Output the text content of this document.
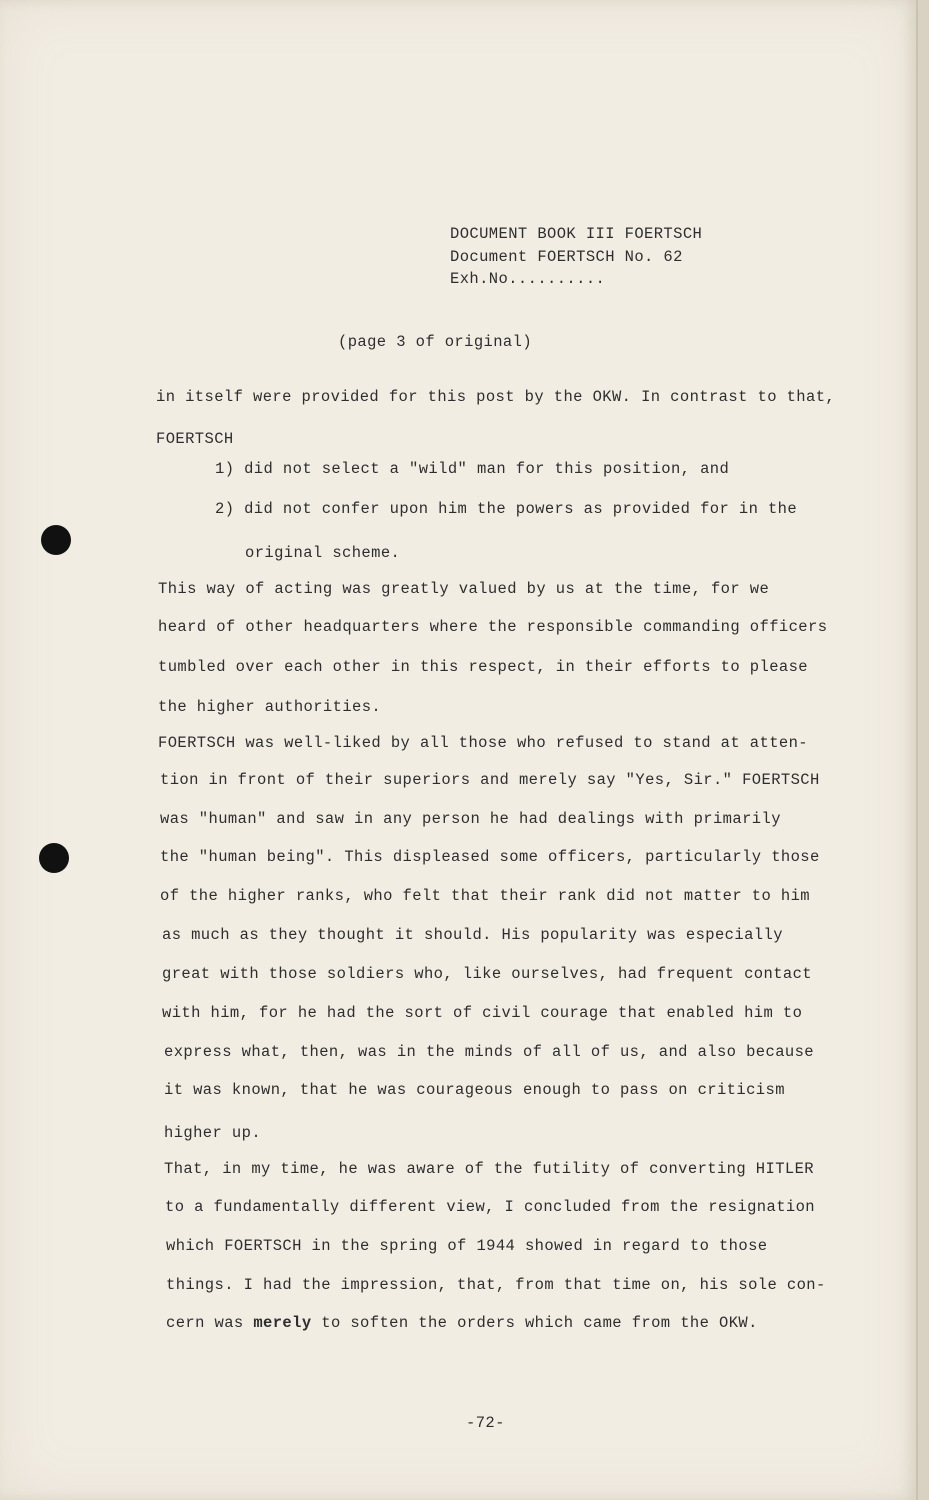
DOCUMENT BOOK III FOERTSCH

Document FOERTSCH No. 62

Exh.No..........

(page 3 of original)

in itself were provided for this post by the OKW. In contrast to that,

FOERTSCH

1) did not select a "wild" man for this position, and

2) did not confer upon him the powers as provided for in the

original scheme.

This way of acting was greatly valued by us at the time, for we

heard of other headquarters where the responsible commanding officers

tumbled over each other in this respect, in their efforts to please

the higher authorities.

FOERTSCH was well-liked by all those who refused to stand at atten-

tion in front of their superiors and merely say "Yes, Sir." FOERTSCH

was "human" and saw in any person he had dealings with primarily

the "human being". This displeased some officers, particularly those

of the higher ranks, who felt that their rank did not matter to him

as much as they thought it should. His popularity was especially

great with those soldiers who, like ourselves, had frequent contact

with him, for he had the sort of civil courage that enabled him to

express what, then, was in the minds of all of us, and also because

it was known, that he was courageous enough to pass on criticism

higher up.

That, in my time, he was aware of the futility of converting HITLER

to a fundamentally different view, I concluded from the resignation

which FOERTSCH in the spring of 1944 showed in regard to those

things. I had the impression, that, from that time on, his sole con-

cern was merely to soften the orders which came from the OKW.

-72-
